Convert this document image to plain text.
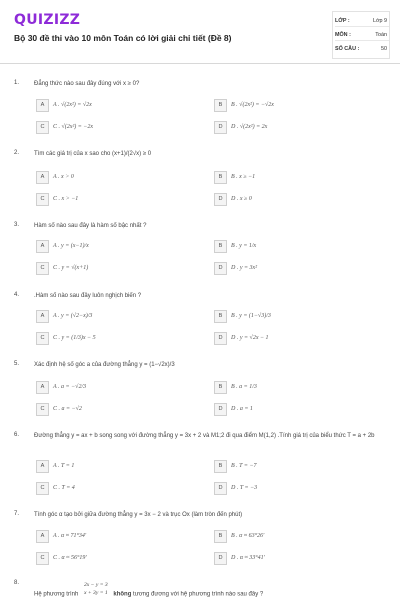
QUIZIZZ
Bộ 30 đề thi vào 10 môn Toán có lời giải chi tiết (Đề 8)
LỚP :	Lớp 9
MÔN :	Toán
SỐ CÂU :	50
1. Đẳng thức nào sau đây đúng với x ≥ 0?
A	A . √(2x²) = √2x	B	B . √(2x²) = −√2x
C	C . √(2x²) = −2x	D	D . √(2x²) = 2x
2. Tìm các giá trị của x sao cho (x+1)/(2√x) ≥ 0
A	A . x > 0	B	B . x ≥ −1
C	C . x > −1	D	D . x ≥ 0
3. Hàm số nào sau đây là hàm số bậc nhất ?
A	A . y = (x−1)/x	B	B . y = 1/x
C	C . y = √(x+1)	D	D . y = 3x²
4. .Hàm số nào sau đây luôn nghịch biến ?
A	A . y = (√2−x)/3	B	B . y = (1−√3)/3
C	C . y = (1/3)x − 5	D	D . y = √2x − 1
5. Xác định hệ số góc a của đường thẳng y = (1−√2x)/3
A	A . a = −√2/3	B	B . a = 1/3
C	C . a = −√2	D	D . a = 1
6. Đường thẳng y = ax + b song song với đường thẳng y = 3x + 2 và M1;2 đi qua điểm M(1,2) .Tính giá trị của biểu thức T = a + 2b
A	A . T = 1	B	B . T = −7
C	C . T = 4	D	D . T = −3
7. Tính góc α tạo bởi giữa đường thẳng y = 3x − 2 và trục Ox (làm tròn đến phút)
A	A . α ≈ 71°34'	B	B . α ≈ 63°26'
C	C . α ≈ 56°19'	D	D . α ≈ 33°41'
8.
Hệ phương trình
2x − y = 3
x + 3y = 1 không tương đương với hệ phương trình nào sau đây ?
